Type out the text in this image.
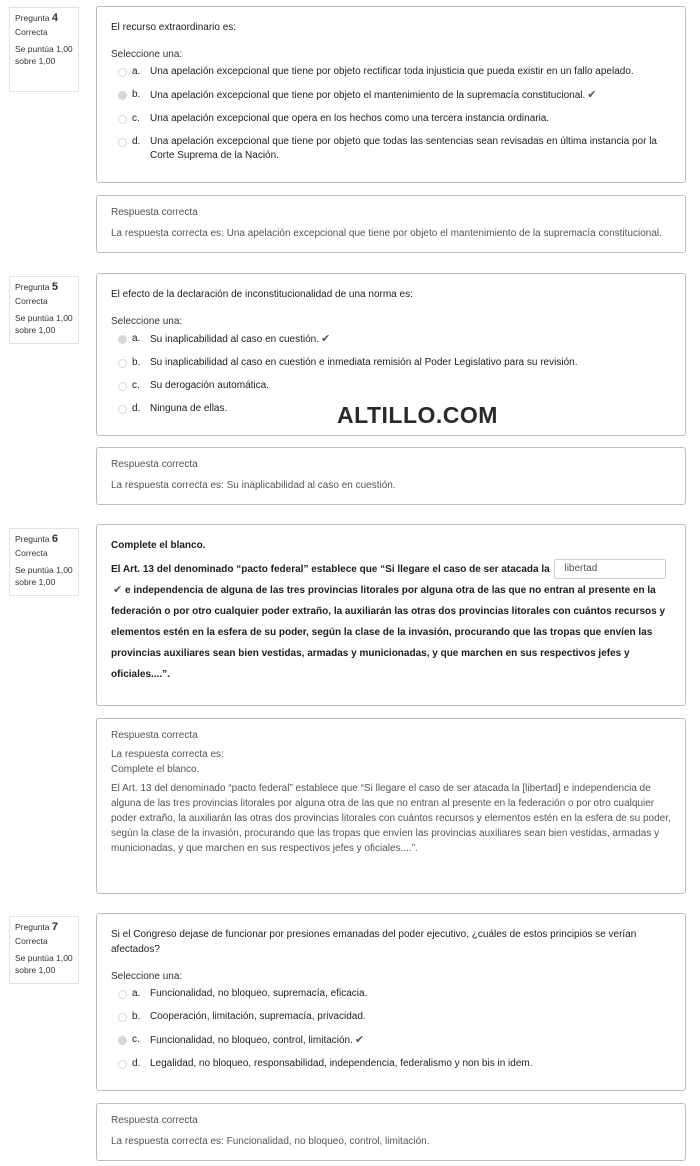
Pregunta 4
Correcta
Se puntúa 1,00 sobre 1,00
El recurso extraordinario es:
Seleccione una:
a. Una apelación excepcional que tiene por objeto rectificar toda injusticia que pueda existir en un fallo apelado.
b. Una apelación excepcional que tiene por objeto el mantenimiento de la supremacía constitucional. ✔
c. Una apelación excepcional que opera en los hechos como una tercera instancia ordinaria.
d. Una apelación excepcional que tiene por objeto que todas las sentencias sean revisadas en última instancia por la Corte Suprema de la Nación.
Respuesta correcta
La respuesta correcta es: Una apelación excepcional que tiene por objeto el mantenimiento de la supremacía constitucional.
Pregunta 5
Correcta
Se puntúa 1,00 sobre 1,00
El efecto de la declaración de inconstitucionalidad de una norma es:
Seleccione una:
a. Su inaplicabilidad al caso en cuestión. ✔
b. Su inaplicabilidad al caso en cuestión e inmediata remisión al Poder Legislativo para su revisión.
c. Su derogación automática.
d. Ninguna de ellas.	ALTILLO.COM
Respuesta correcta
La respuesta correcta es: Su inaplicabilidad al caso en cuestión.
Pregunta 6
Correcta
Se puntúa 1,00 sobre 1,00
Complete el blanco.
El Art. 13 del denominado “pacto federal” establece que “Si llegare el caso de ser atacada la libertad✔ e independencia de alguna de las tres provincias litorales por alguna otra de las que no entran al presente en la federación o por otro cualquier poder extraño, la auxiliarán las otras dos provincias litorales con cuántos recursos y elementos estén en la esfera de su poder, según la clase de la invasión, procurando que las tropas que envíen las provincias auxiliares sean bien vestidas, armadas y municionadas, y que marchen en sus respectivos jefes y oficiales....”.
Respuesta correcta
La respuesta correcta es:
Complete el blanco.
El Art. 13 del denominado “pacto federal” establece que “Si llegare el caso de ser atacada la [libertad] e independencia de alguna de las tres provincias litorales por alguna otra de las que no entran al presente en la federación o por otro cualquier poder extraño, la auxiliarán las otras dos provincias litorales con cuántos recursos y elementos estén en la esfera de su poder, según la clase de la invasión, procurando que las tropas que envíen las provincias auxiliares sean bien vestidas, armadas y municionadas, y que marchen en sus respectivos jefes y oficiales....”.
Pregunta 7
Correcta
Se puntúa 1,00 sobre 1,00
Si el Congreso dejase de funcionar por presiones emanadas del poder ejecutivo, ¿cuáles de estos principios se verían afectados?
Seleccione una:
a. Funcionalidad, no bloqueo, supremacía, eficacia.
b. Cooperación, limitación, supremacía, privacidad.
c. Funcionalidad, no bloqueo, control, limitación. ✔
d. Legalidad, no bloqueo, responsabilidad, independencia, federalismo y non bis in idem.
Respuesta correcta
La respuesta correcta es: Funcionalidad, no bloqueo, control, limitación.
